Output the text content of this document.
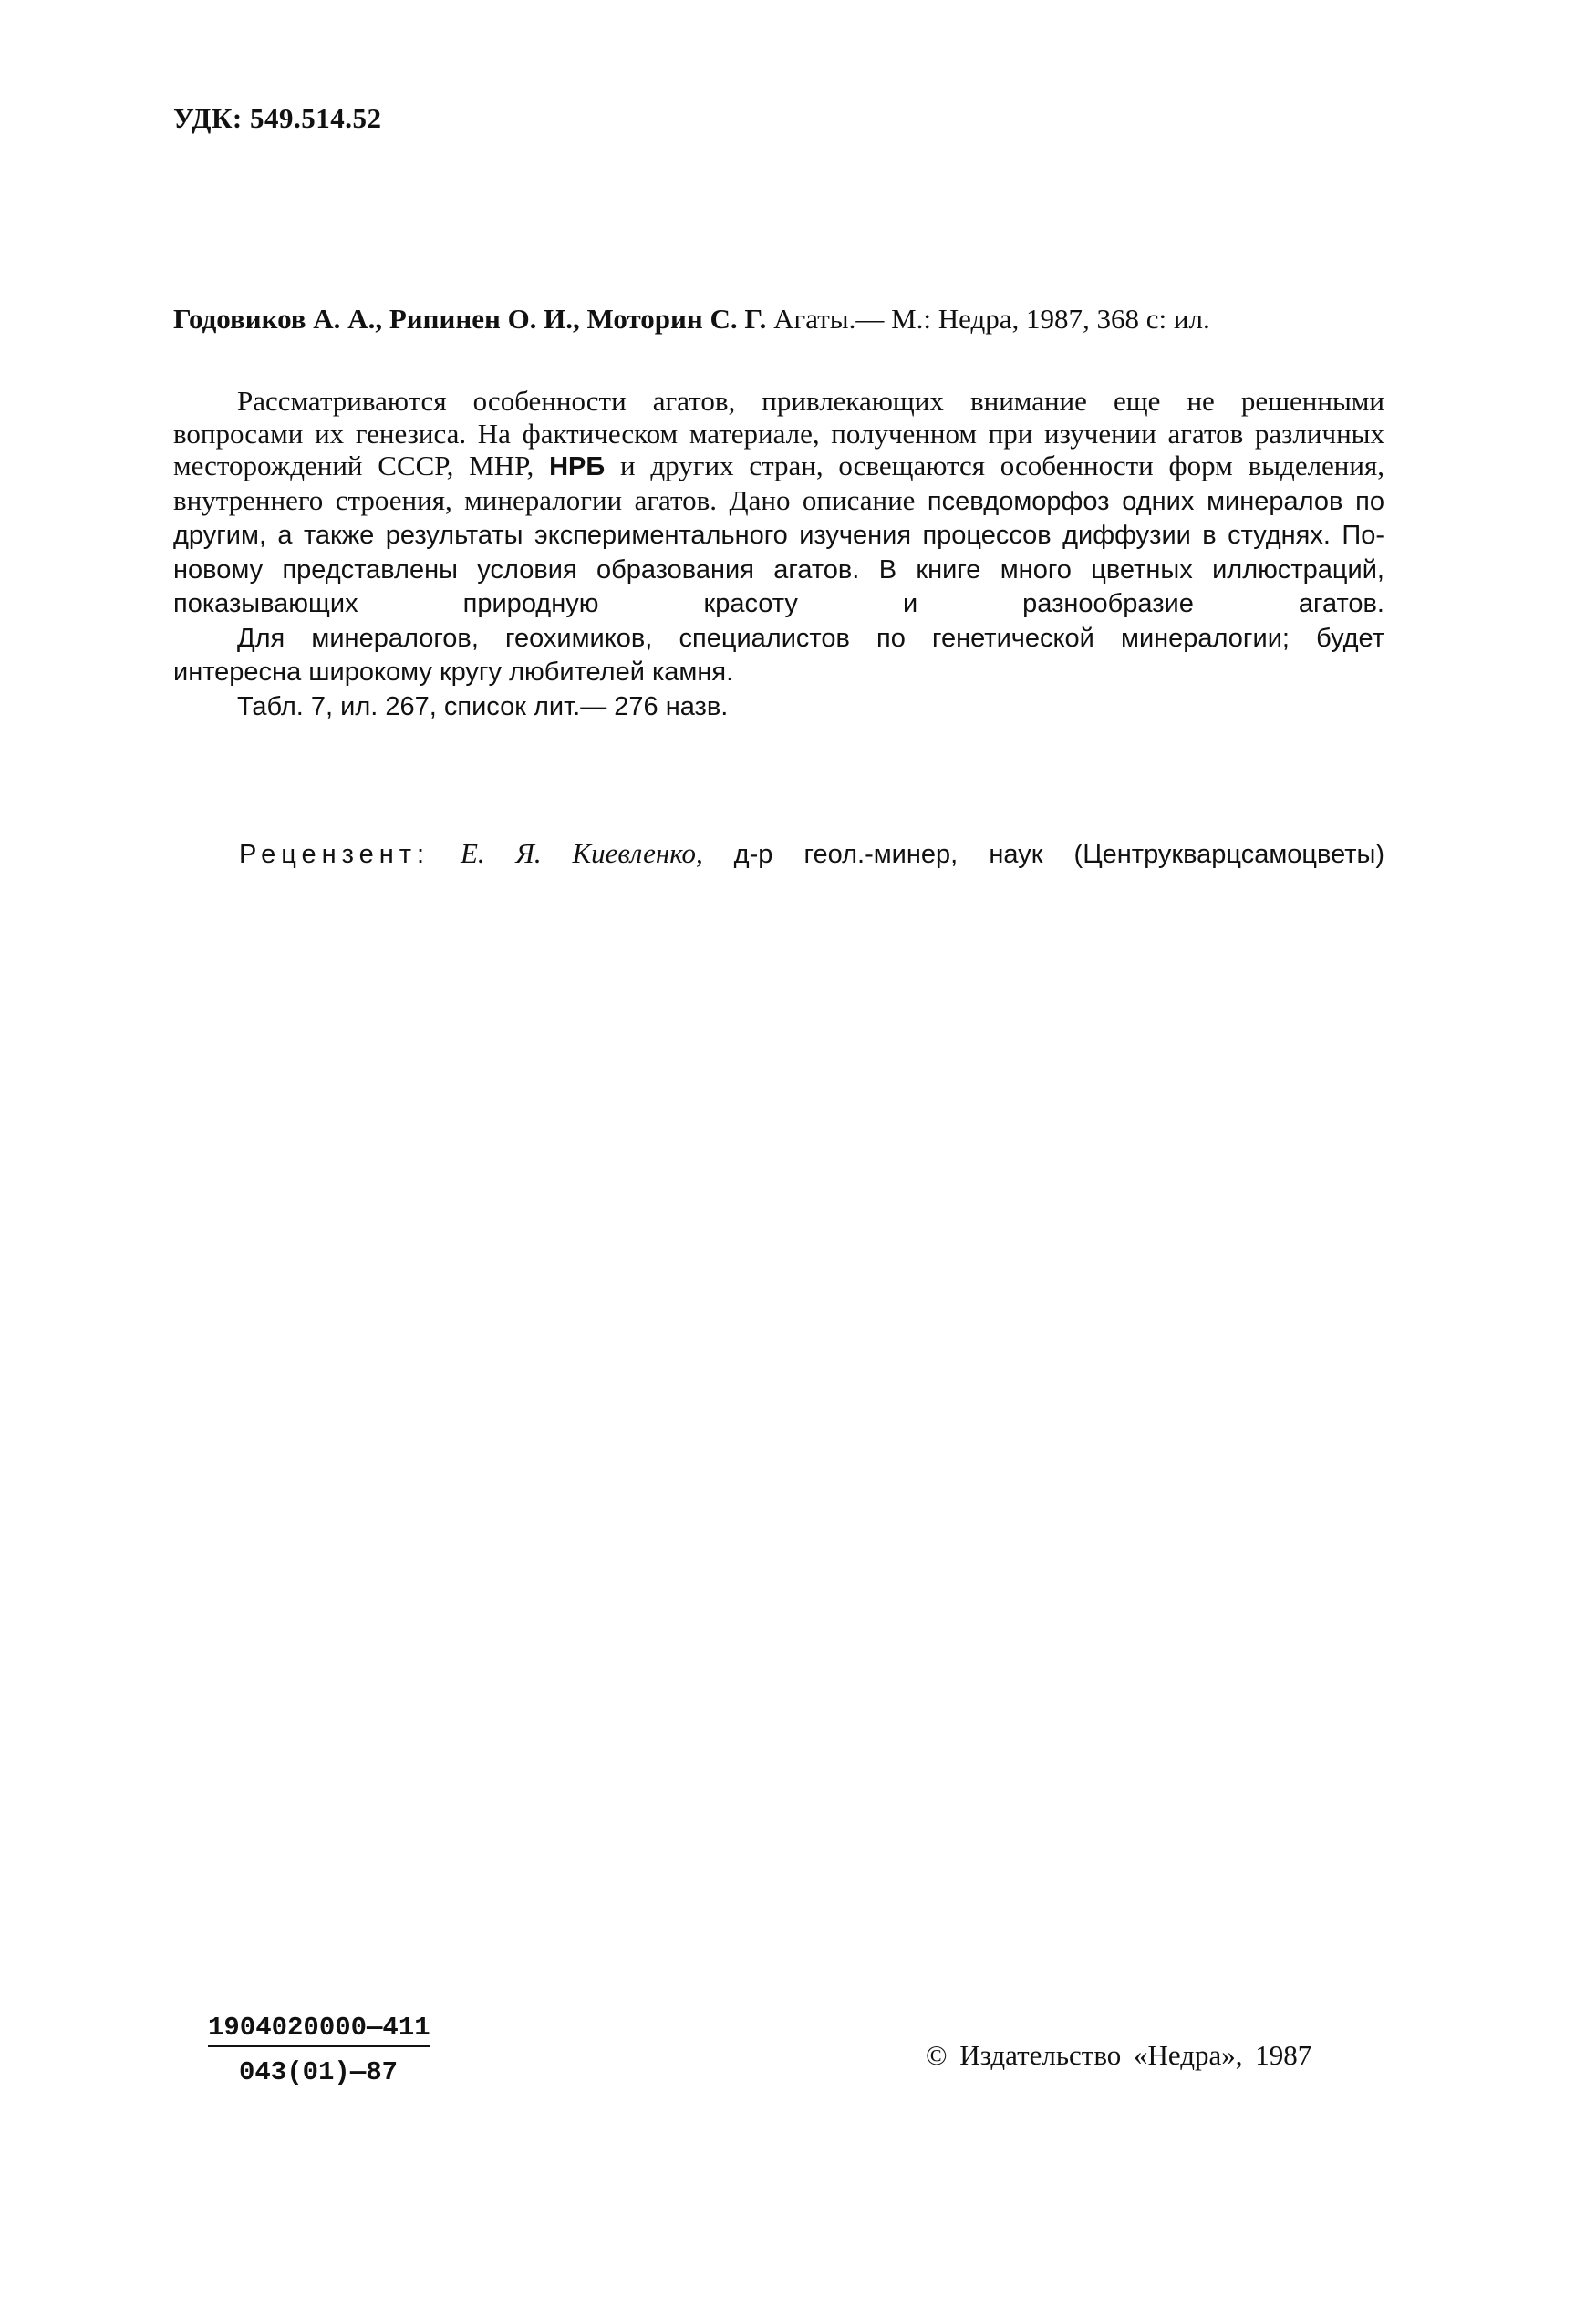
УДК: 549.514.52
Годовиков А. А., Рипинен О. И., Моторин С. Г. Агаты.— М.: Недра, 1987, 368 с: ил.

Рассматриваются особенности агатов, привлекающих внимание еще не решенными вопросами их генезиса. На фактическом материале, полученном при изучении агатов различных месторождений СССР, МНР, НРБ и других стран, освещаются особенности форм выделения, внутреннего строения, минералогии агатов. Дано описание псевдоморфоз одних минералов по другим, а также результаты экспериментального изучения процессов диффузии в студнях. По-новому представлены условия образования агатов. В книге много цветных иллюстраций, показывающих природную красоту и разнообразие агатов.

Для минералогов, геохимиков, специалистов по генетической минералогии; будет интересна широкому кругу любителей камня.

Табл. 7, ил. 267, список лит.— 276 назв.

Рецензент: Е. Я. Киевленко, д-р геол.-минер, наук (Центрукварцсамоцветы)
1904020000—411
043(01)—87
© Издательство «Недра», 1987
